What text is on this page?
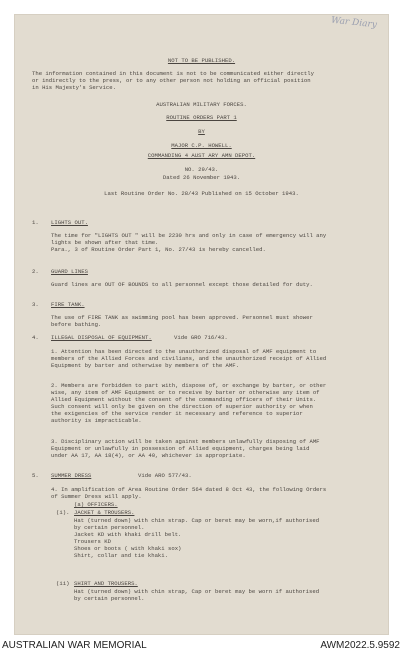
War Diary
NOT TO BE PUBLISHED.
The information contained in this document is not to be communicated either directly
or indirectly to the press, or to any other person not holding an official position
in His Majesty's Service.
AUSTRALIAN MILITARY FORCES.
ROUTINE ORDERS PART 1
BY
MAJOR C.P. HOWELL.
COMMANDING 4 AUST ARY AMN DEPOT.
NO. 29/43.
Dated 26 November 1943.
Last Routine Order No. 28/43 Published on 15 October 1943.
1. LIGHTS OUT.
The time for "LIGHTS OUT " will be 2230 hrs and only in case of emergency will any
lights be shown after that time.
Para., 3 of Routine Order Part 1, No. 27/43 is hereby cancelled.
2. GUARD LINES
Guard lines are OUT OF BOUNDS to all personnel except those detailed for duty.
3. FIRE TANK.
The use of FIRE TANK as swimming pool has been approved. Personnel must shower
before bathing.
4. ILLEGAL DISPOSAL OF EQUIPMENT.	Vide GRO 716/43.
1. Attention has been directed to the unauthorized disposal of AMF equipment to
members of the Allied Forces and civilians, and the unauthorized receipt of Allied
Equipment by barter and otherwise by members of the AMF.
2. Members are forbidden to part with, dispose of, or exchange by barter, or other
wise, any item of AMF Equipment or to receive by barter or otherwise any item of
Allied Equipment without the consent of the commanding officers of their Units.
Such consent will only be given on the direction of superior authority or when
the exigencies of the service render it necessary and reference to superior
authority is impracticable.
3. Disciplinary action will be taken against members unlawfully disposing of AMF
Equipment or unlawfully in possession of Allied equipment, charges being laid
under AA 17, AA 18(4), or AA 40, whichever is appropriate.
5. SUMMER DRESS	Vide ARO 577/43.
4. In amplification of Area Routine Order 564 dated 8 Oct 43, the following Orders
of Summer Dress will apply.
(a) OFFICERS.
(i). JACKET & TROUSERS.
Hat (turned down) with chin strap. Cap or beret may be worn,if authorised
by certain personnel.
Jacket KD with khaki drill belt.
Trousers KD
Shoes or boots ( with khaki sox)
Shirt, collar and tie khaki.
(ii) SHIRT AND TROUSERS.
Hat (turned down) with chin strap, Cap or beret may be worn if authorised
by certain personnel.
AUSTRALIAN WAR MEMORIAL	AWM2022.5.9592
